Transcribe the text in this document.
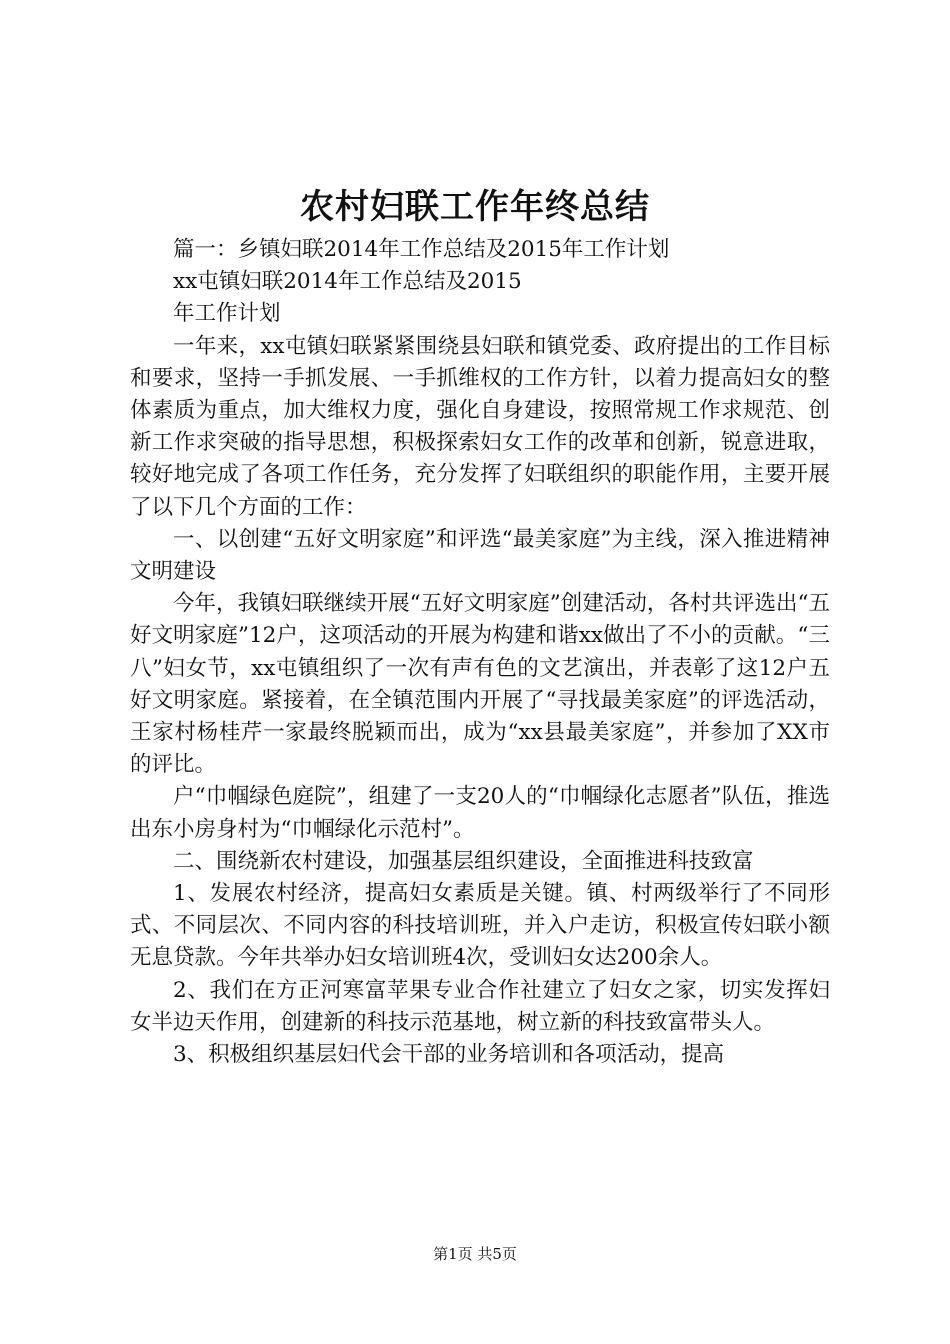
农村妇联工作年终总结

篇一：乡镇妇联2014年工作总结及2015年工作计划

xx屯镇妇联2014年工作总结及2015

年工作计划

一年来，xx屯镇妇联紧紧围绕县妇联和镇党委、政府提出的工作目标和要求，坚持一手抓发展、一手抓维权的工作方针，以着力提高妇女的整体素质为重点，加大维权力度，强化自身建设，按照常规工作求规范、创新工作求突破的指导思想，积极探索妇女工作的改革和创新，锐意进取，较好地完成了各项工作任务，充分发挥了妇联组织的职能作用，主要开展了以下几个方面的工作：

一、以创建“五好文明家庭”和评选“最美家庭”为主线，深入推进精神文明建设

今年，我镇妇联继续开展“五好文明家庭”创建活动，各村共评选出“五好文明家庭”12户，这项活动的开展为构建和谐xx做出了不小的贡献。“三八”妇女节，xx屯镇组织了一次有声有色的文艺演出，并表彰了这12户五好文明家庭。紧接着，在全镇范围内开展了“寻找最美家庭”的评选活动，王家村杨桂芹一家最终脱颖而出，成为“xx县最美家庭”，并参加了XX市的评比。

户“巾帼绿色庭院”，组建了一支20人的“巾帼绿化志愿者”队伍，推选出东小房身村为“巾帼绿化示范村”。

二、围绕新农村建设，加强基层组织建设，全面推进科技致富

1、发展农村经济，提高妇女素质是关键。镇、村两级举行了不同形式、不同层次、不同内容的科技培训班，并入户走访，积极宣传妇联小额无息贷款。今年共举办妇女培训班4次，受训妇女达200余人。

2、我们在方正河寒富苹果专业合作社建立了妇女之家，切实发挥妇女半边天作用，创建新的科技示范基地，树立新的科技致富带头人。

3、积极组织基层妇代会干部的业务培训和各项活动，提高

第1页 共5页
